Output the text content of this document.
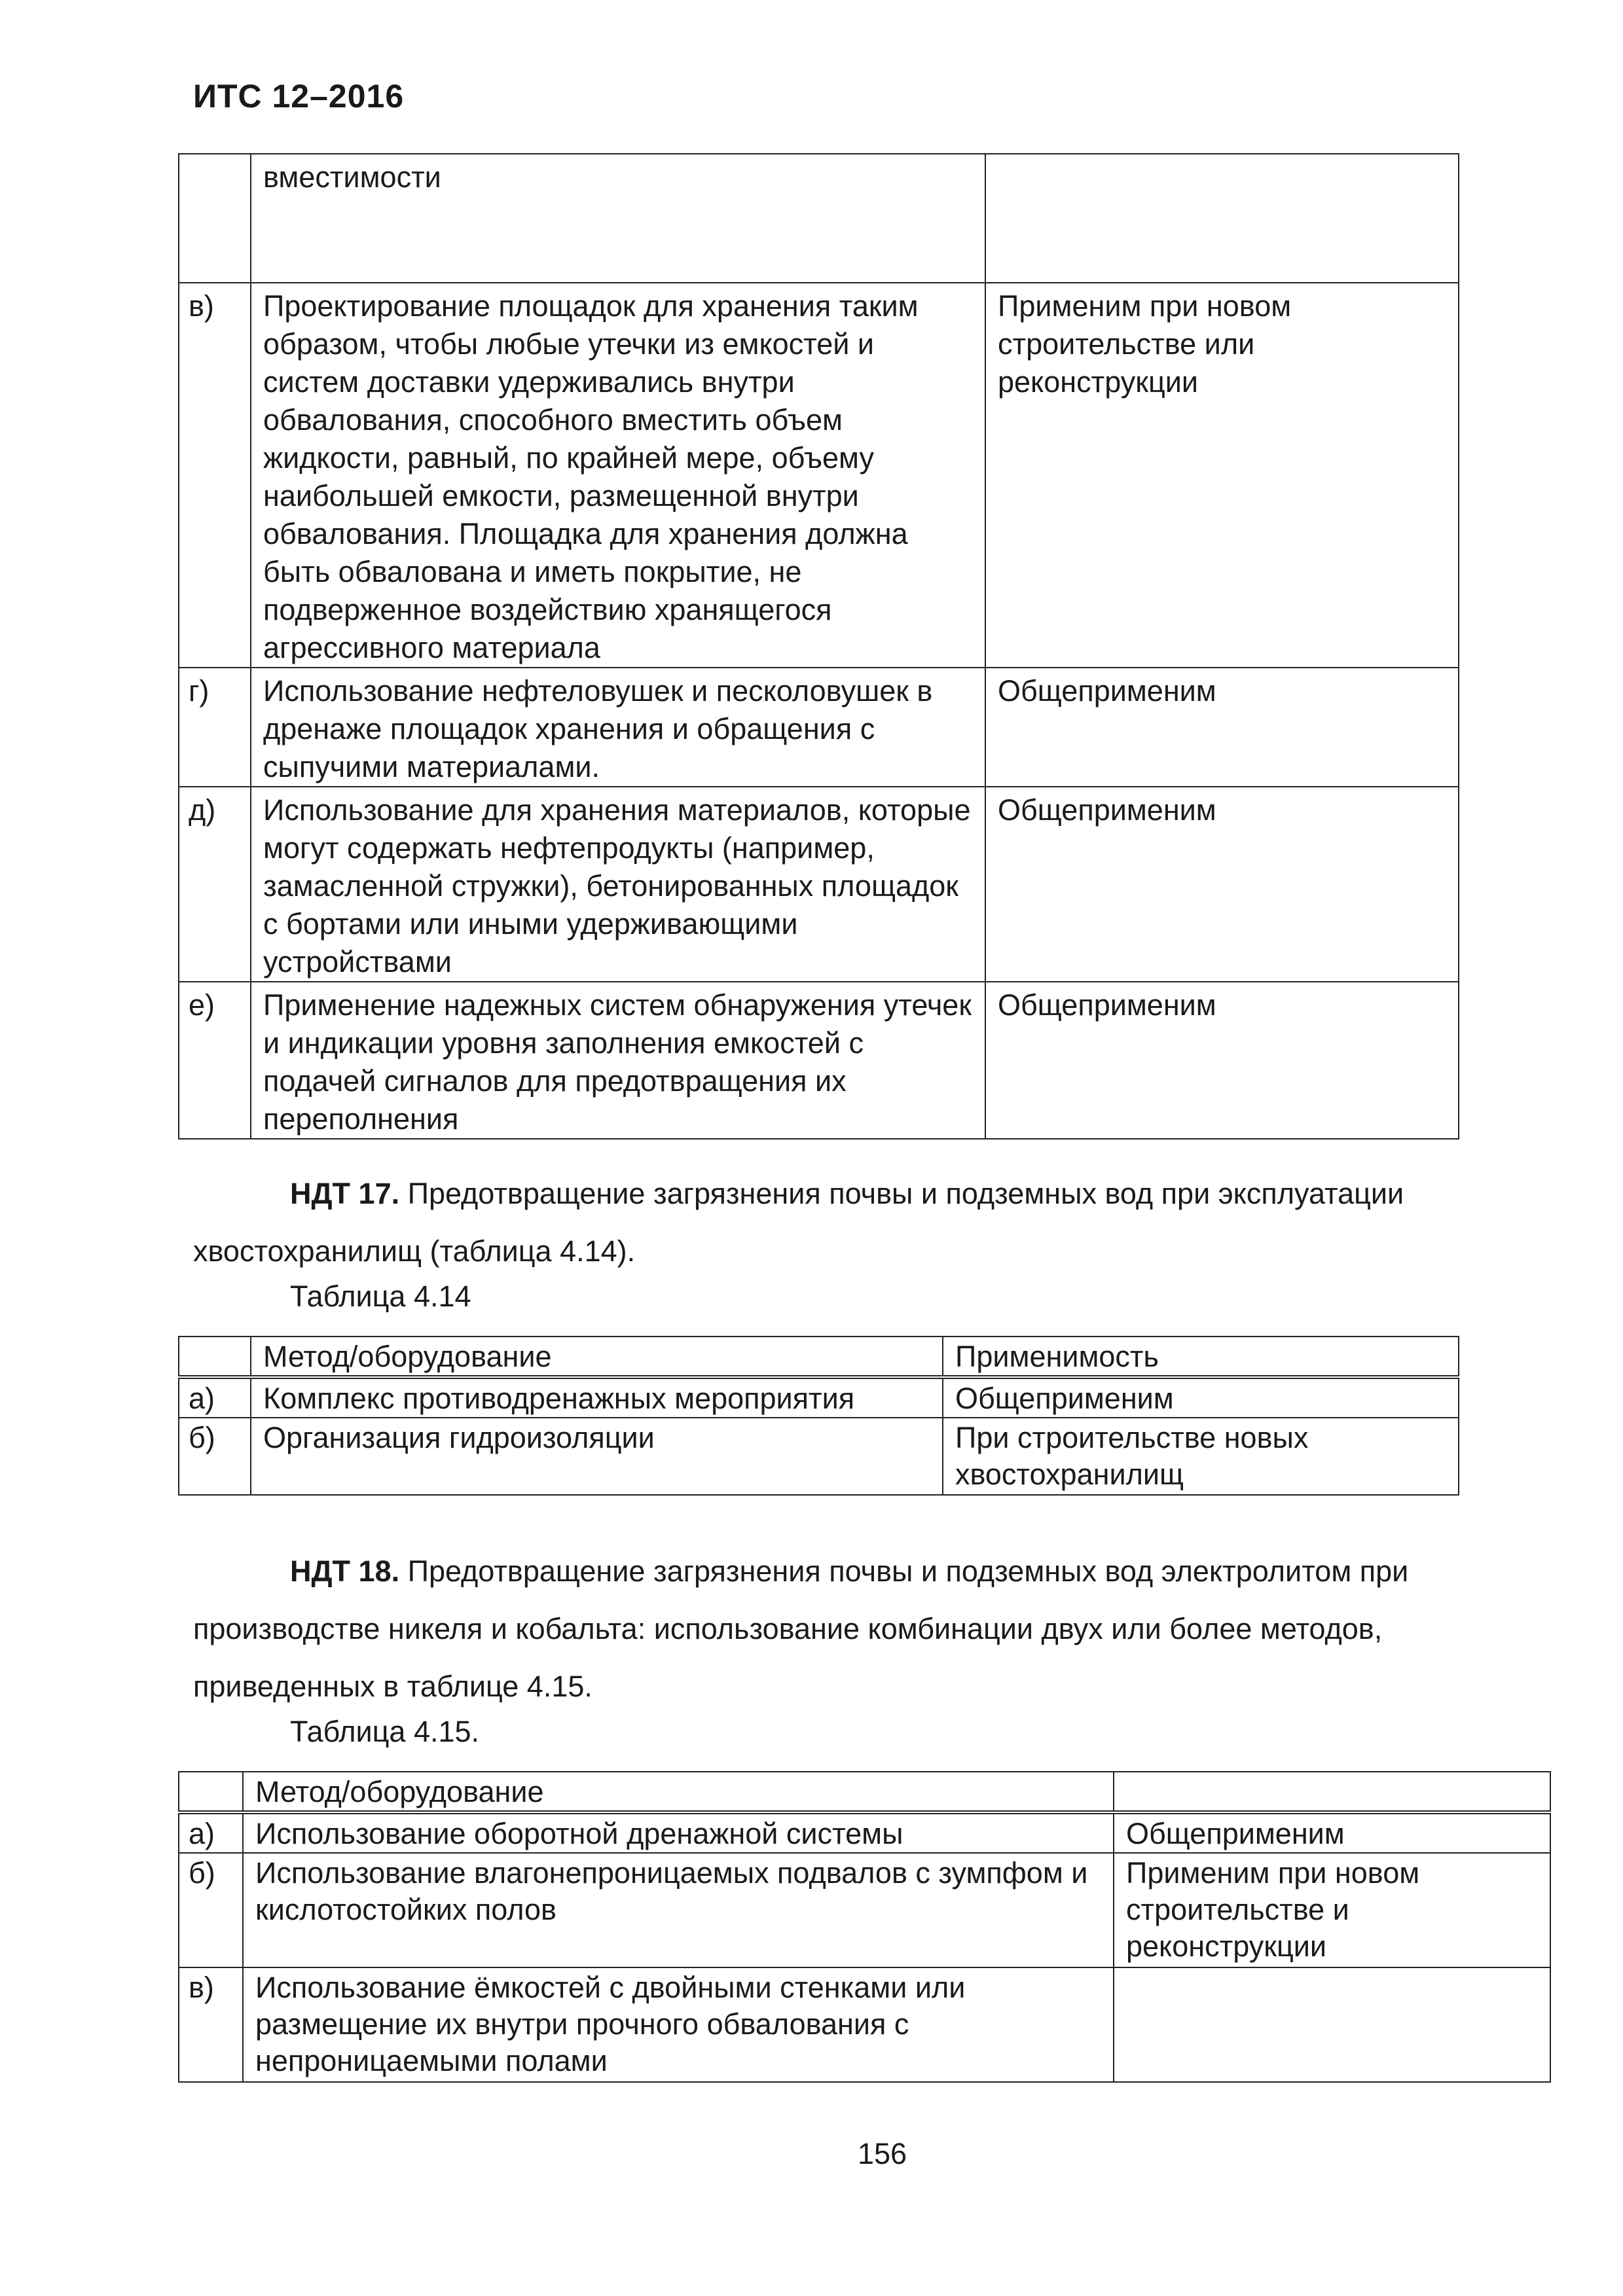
ИТС 12–2016

	вместимости	

в)	Проектирование площадок для хранения таким образом, чтобы любые утечки из емкостей и систем доставки удерживались внутри обвалования, способного вместить объем жидкости, равный, по крайней мере, объему наибольшей емкости, размещенной внутри обвалования. Площадка для хранения должна быть обвалована и иметь покрытие, не подверженное воздействию хранящегося агрессивного материала	Применим при новом строительстве или реконструкции

г)	Использование нефтеловушек и песколовушек в дренаже площадок хранения и обращения с сыпучими материалами.	Общеприменим

д)	Использование для хранения материалов, которые могут содержать нефтепродукты (например, замасленной стружки), бетонированных площадок с бортами или иными удерживающими устройствами	Общеприменим

е)	Применение надежных систем обнаружения утечек и индикации уровня заполнения емкостей с подачей сигналов для предотвращения их переполнения	Общеприменим
НДТ 17. Предотвращение загрязнения почвы и подземных вод при эксплуатации хвостохранилищ (таблица 4.14).
Таблица 4.14

	Метод/оборудование	Применимость

а)	Комплекс противодренажных мероприятия	Общеприменим

б)	Организация гидроизоляции	При строительстве новых хвостохранилищ
НДТ 18. Предотвращение загрязнения почвы и подземных вод электролитом при производстве никеля и кобальта: использование комбинации двух или более методов, приведенных в таблице 4.15.
Таблица 4.15.

	Метод/оборудование	

а)	Использование оборотной дренажной системы	Общеприменим

б)	Использование влагонепроницаемых подвалов с зумпфом и кислотостойких полов	Применим при новом строительстве и реконструкции

в)	Использование ёмкостей с двойными стенками или размещение их внутри прочного обвалования с непроницаемыми полами	

156
